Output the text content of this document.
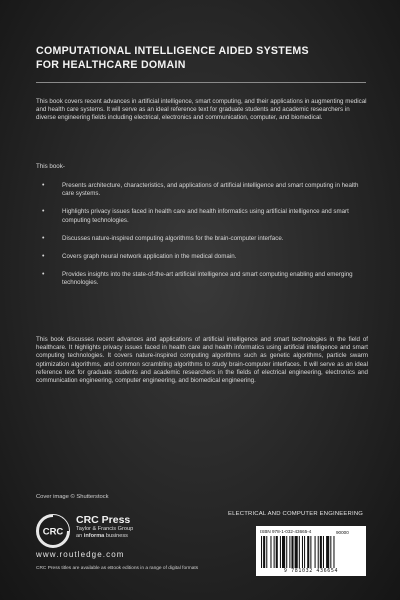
COMPUTATIONAL INTELLIGENCE AIDED SYSTEMS
FOR HEALTHCARE DOMAIN
This book covers recent advances in artificial intelligence, smart computing, and their applications in augmenting medical and health care systems. It will serve as an ideal reference text for graduate students and academic researchers in diverse engineering fields including electrical, electronics and communication, computer, and biomedical.
This book-
•	Presents architecture, characteristics, and applications of artificial intelligence and smart computing in health care systems.
•	Highlights privacy issues faced in health care and health informatics using artificial intelligence and smart computing technologies.
•	Discusses nature-inspired computing algorithms for the brain-computer interface.
•	Covers graph neural network application in the medical domain.
•	Provides insights into the state-of-the-art artificial intelligence and smart computing enabling and emerging technologies.
This book discusses recent advances and applications of artificial intelligence and smart technologies in the field of healthcare. It highlights privacy issues faced in health care and health informatics using artificial intelligence and smart computing technologies. It covers nature-inspired computing algorithms such as genetic algorithms, particle swarm optimization algorithms, and common scrambling algorithms to study brain-computer interfaces. It will serve as an ideal reference text for graduate students and academic researchers in the fields of electrical engineering, electronics and communication engineering, computer engineering, and biomedical engineering.
Cover image © Shutterstock
CRC
CRC Press
Taylor & Francis Group
an informa business
www.routledge.com
CRC Press titles are available as eBook editions in a range of digital formats
ELECTRICAL AND COMPUTER ENGINEERING
ISBN 978-1-032-43665-4	90000
9 781032 436654
